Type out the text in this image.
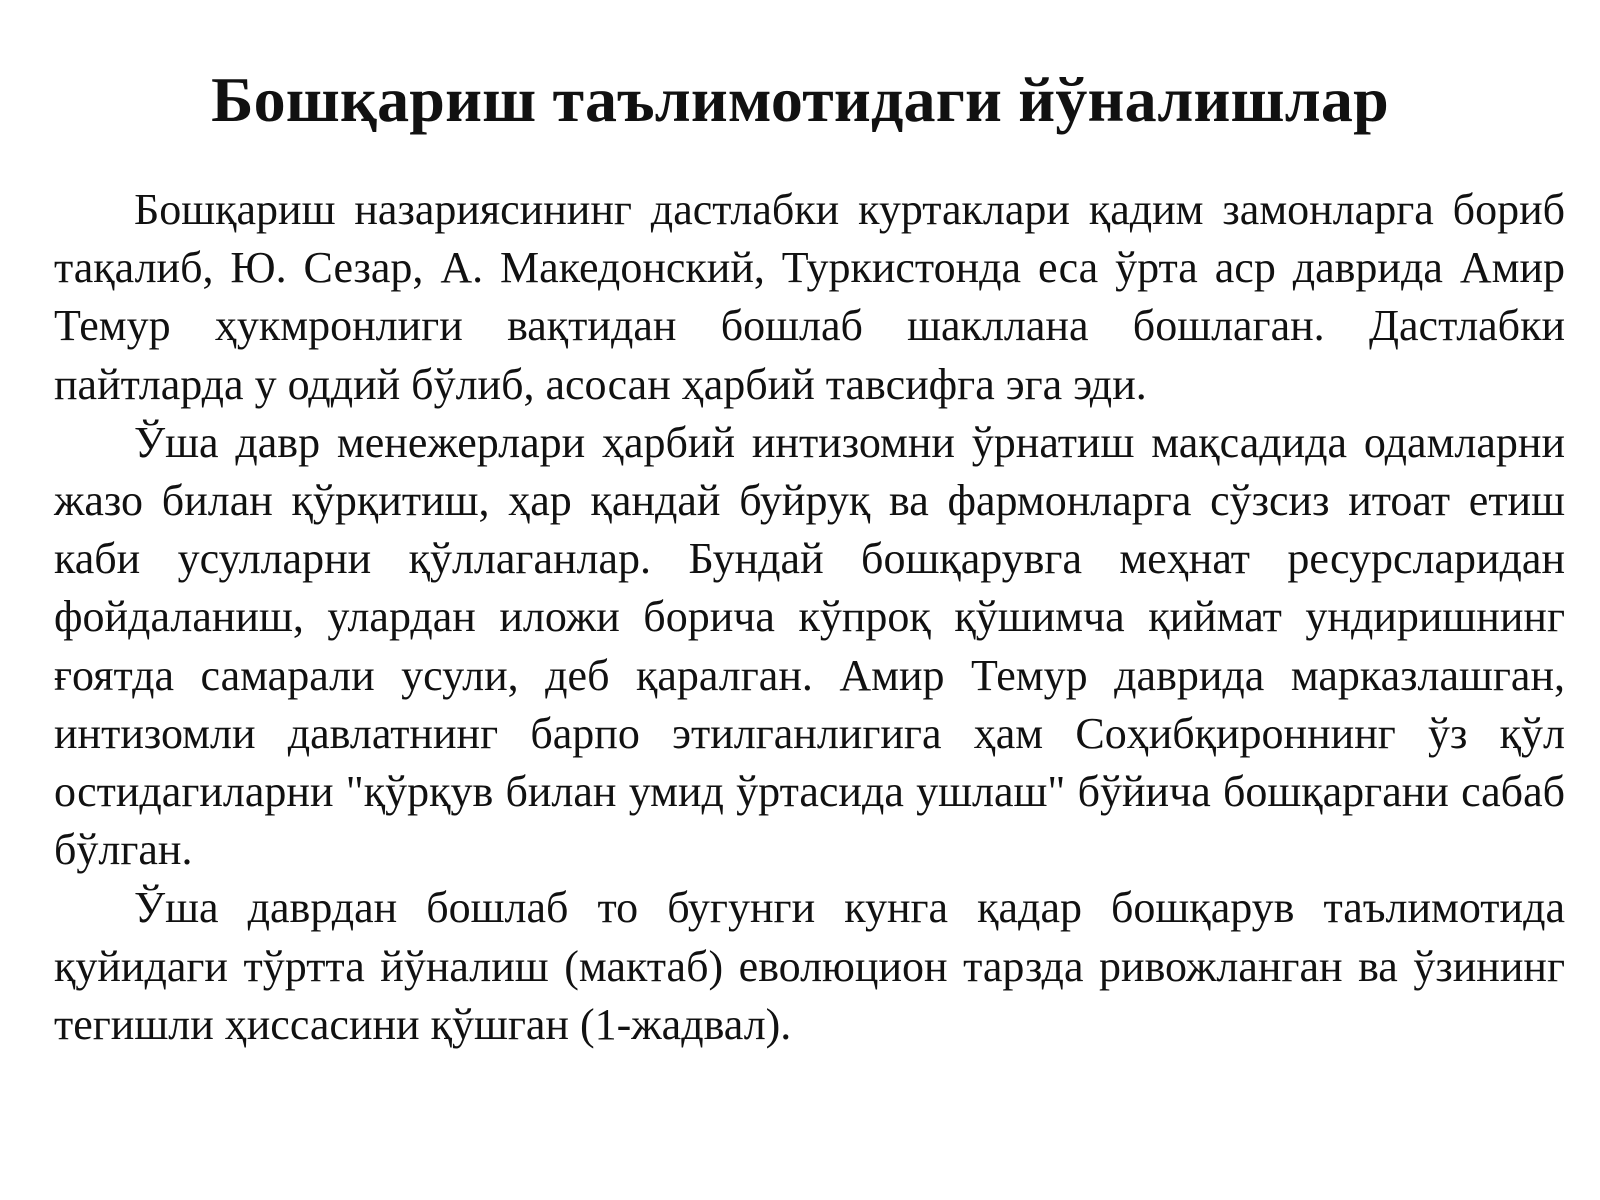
Бошқариш таълимотидаги йўналишлар

Бошқариш назариясининг дастлабки куртаклари қадим замонларга бориб тақалиб, Ю. Сезар, А. Македонский, Туркистонда еса ўрта аср даврида Амир Темур ҳукмронлиги вақтидан бошлаб шакллана бошлаган. Дастлабки пайтларда у оддий бўлиб, асосан ҳарбий тавсифга эга эди.

Ўша давр менежерлари ҳарбий интизомни ўрнатиш мақсадида одамларни жазо билан қўрқитиш, ҳар қандай буйруқ ва фармонларга сўзсиз итоат етиш каби усулларни қўллаганлар. Бундай бошқарувга меҳнат ресурсларидан фойдаланиш, улардан иложи борича кўпроқ қўшимча қиймат ундиришнинг ғоятда самарали усули, деб қаралган. Амир Темур даврида марказлашган, интизомли давлатнинг барпо этилганлигига ҳам Соҳибқироннинг ўз қўл остидагиларни "қўрқув билан умид ўртасида ушлаш" бўйича бошқаргани сабаб бўлган.

Ўша даврдан бошлаб то бугунги кунга қадар бошқарув таълимотида қуйидаги тўртта йўналиш (мактаб) еволюцион тарзда ривожланган ва ўзининг тегишли ҳиссасини қўшган (1-жадвал).
